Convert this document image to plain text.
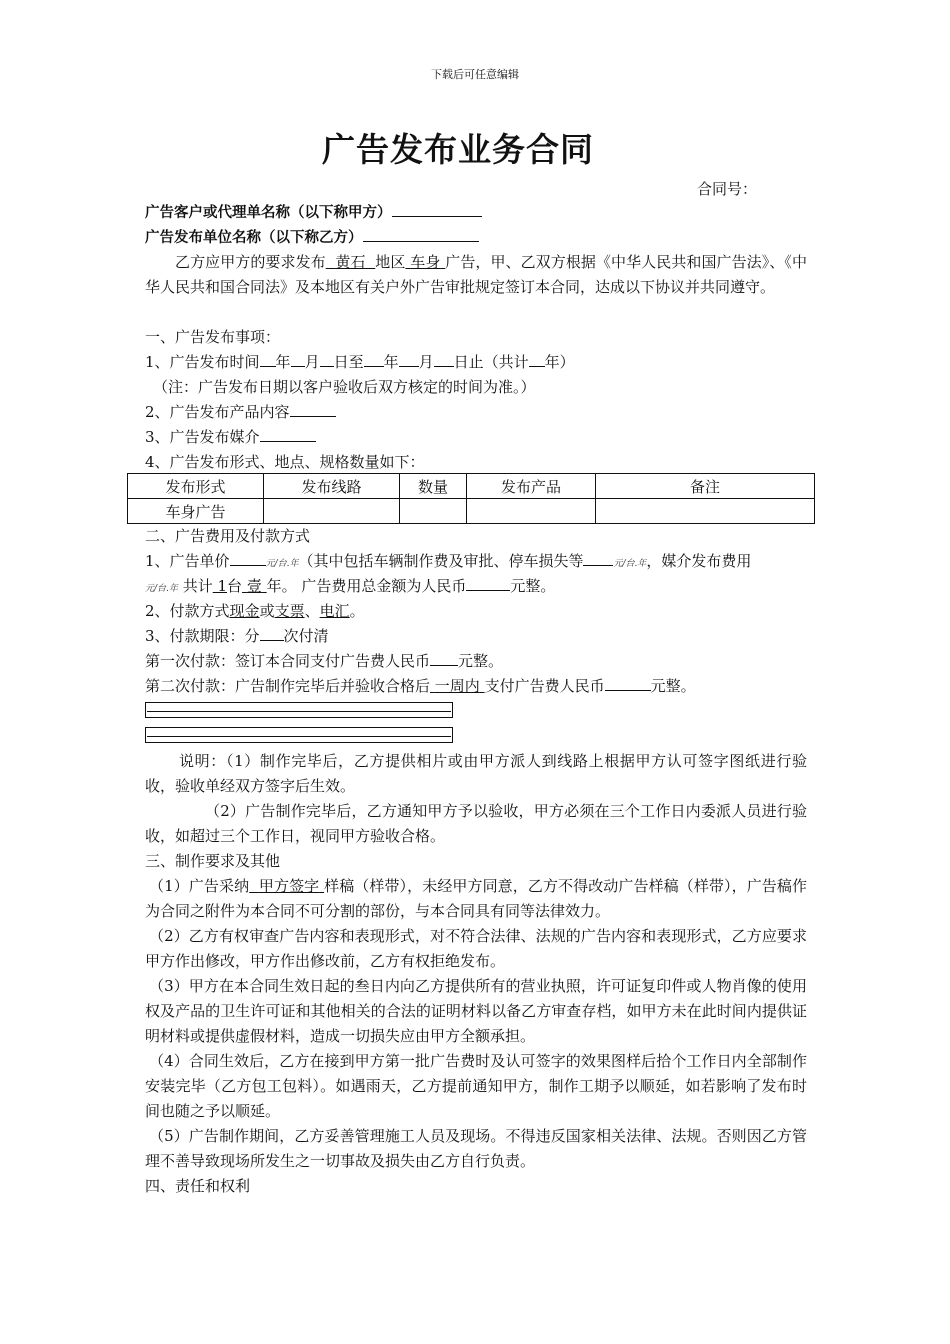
下载后可任意编辑
广告发布业务合同
合同号：
广告客户或代理单名称（以下称甲方）
广告发布单位名称（以下称乙方）
乙方应甲方的要求发布 黄石 地区 车身 广告，甲、乙双方根据《中华人民共和国广告法》、《中华人民共和国合同法》及本地区有关户外广告审批规定签订本合同，达成以下协议并共同遵守。
一、广告发布事项：
1、广告发布时间 年 月 日至 年 月 日止（共计 年）
（注：广告发布日期以客户验收后双方核定的时间为准。）
2、广告发布产品内容
3、广告发布媒介
4、广告发布形式、地点、规格数量如下：
发布形式	发布线路	数量	发布产品	备注
车身广告				
二、广告费用及付款方式
1、广告单价	元/台.年（其中包括车辆制作费及审批、停车损失等	元/台.年，媒介发布费用
元/台.年 共计 1台 壹 年。 广告费用总金额为人民币	元整。
2、付款方式现金或支票、电汇。
3、付款期限：分 次付清
第一次付款：签订本合同支付广告费人民币 元整。
第二次付款：广告制作完毕后并验收合格后 一周内 支付广告费人民币	元整。
说明：（1）制作完毕后，乙方提供相片或由甲方派人到线路上根据甲方认可签字图纸进行验收，验收单经双方签字后生效。
（2）广告制作完毕后，乙方通知甲方予以验收，甲方必须在三个工作日内委派人员进行验收，如超过三个工作日，视同甲方验收合格。
三、制作要求及其他
（1）广告采纳 甲方签字 样稿（样带），未经甲方同意，乙方不得改动广告样稿（样带），广告稿作为合同之附件为本合同不可分割的部份，与本合同具有同等法律效力。
（2）乙方有权审查广告内容和表现形式，对不符合法律、法规的广告内容和表现形式，乙方应要求甲方作出修改，甲方作出修改前，乙方有权拒绝发布。
（3）甲方在本合同生效日起的叁日内向乙方提供所有的营业执照，许可证复印件或人物肖像的使用权及产品的卫生许可证和其他相关的合法的证明材料以备乙方审查存档，如甲方未在此时间内提供证明材料或提供虚假材料，造成一切损失应由甲方全额承担。
（4）合同生效后，乙方在接到甲方第一批广告费时及认可签字的效果图样后拾个工作日内全部制作安装完毕（乙方包工包料）。如遇雨天，乙方提前通知甲方，制作工期予以顺延，如若影响了发布时间也随之予以顺延。
（5）广告制作期间，乙方妥善管理施工人员及现场。不得违反国家相关法律、法规。否则因乙方管理不善导致现场所发生之一切事故及损失由乙方自行负责。
四、责任和权利
